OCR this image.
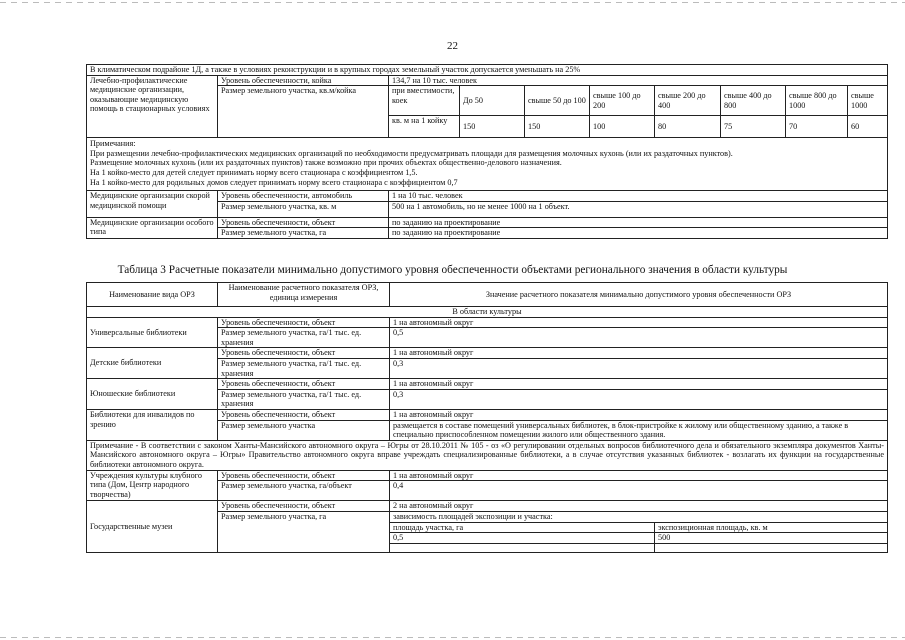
22
В климатическом подрайоне 1Д, а также в условиях реконструкции и в крупных городах земельный участок допускается уменьшать на 25%									
Лечебно-профилактические медицинские организации, оказывающие медицинскую помощь в стационарных условиях	Уровень обеспеченности, койка	134,7 на 10 тыс. человек							
	Размер земельного участка, кв.м/койка	при вместимости, коек	До 50	свыше 50 до 100	свыше 100 до 200	свыше 200 до 400	свыше 400 до 800	свыше 800 до 1000	свыше 1000
		кв. м на 1 койку	150	150	100	80	75	70	60

Примечания:
При размещении лечебно-профилактических медицинских организаций по необходимости предусматривать площади для размещения молочных кухонь (или их раздаточных пунктов).
Размещение молочных кухонь (или их раздаточных пунктов) также возможно при прочих объектах общественно-делового назначения.
На 1 койко-место для детей следует принимать норму всего стационара с коэффициентом 1,5.
На 1 койко-место для родильных домов следует принимать норму всего стационара с коэффициентом 0,7									

Медицинские организации скорой медицинской помощи	Уровень обеспеченности, автомобиль	1 на 10 тыс. человек							
	Размер земельного участка, кв. м	500 на 1 автомобиль, но не менее 1000 на 1 объект.							
Медицинские организации особого типа	Уровень обеспеченности, объект	по заданию на проектирование							
	Размер земельного участка, га	по заданию на проектирование							
Таблица 3 Расчетные показатели минимально допустимого уровня обеспеченности объектами регионального значения в области культуры
Наименование вида ОРЗ	Наименование расчетного показателя ОРЗ, единица измерения	Значение расчетного показателя минимально допустимого уровня обеспеченности ОРЗ	
В области культуры			
Универсальные библиотеки	Уровень обеспеченности, объект	1 на автономный округ	
	Размер земельного участка, га/1 тыс. ед. хранения	0,5	
Детские библиотеки	Уровень обеспеченности, объект	1 на автономный округ	
	Размер земельного участка, га/1 тыс. ед. хранения	0,3	
Юношеские библиотеки	Уровень обеспеченности, объект	1 на автономный округ	
	Размер земельного участка, га/1 тыс. ед. хранения	0,3	
Библиотеки для инвалидов по зрению	Уровень обеспеченности, объект	1 на автономный округ	
	Размер земельного участка	размещается в составе помещений универсальных библиотек, в блок-пристройке к жилому или общественному зданию, а также в специально приспособленном помещении жилого или общественного здания.	
Примечание - В соответствии с законом Ханты-Мансийского автономного округа – Югры от 28.10.2011 № 105 - оз «О регулировании отдельных вопросов библиотечного дела и обязательного экземпляра документов Ханты-Мансийского автономного округа – Югры» Правительство автономного округа вправе учреждать специализированные библиотеки, а в случае отсутствия указанных библиотек - возлагать их функции на государственные библиотеки автономного округа.			
Учреждения культуры клубного типа (Дом, Центр народного творчества)	Уровень обеспеченности, объект	1 на автономный округ	
	Размер земельного участка, га/объект	0,4	
Государственные музеи	Уровень обеспеченности, объект	2 на автономный округ	
	Размер земельного участка, га	зависимость площадей экспозиции и участка:	
		площадь участка, га	экспозиционная площадь, кв. м
		0,5	500
